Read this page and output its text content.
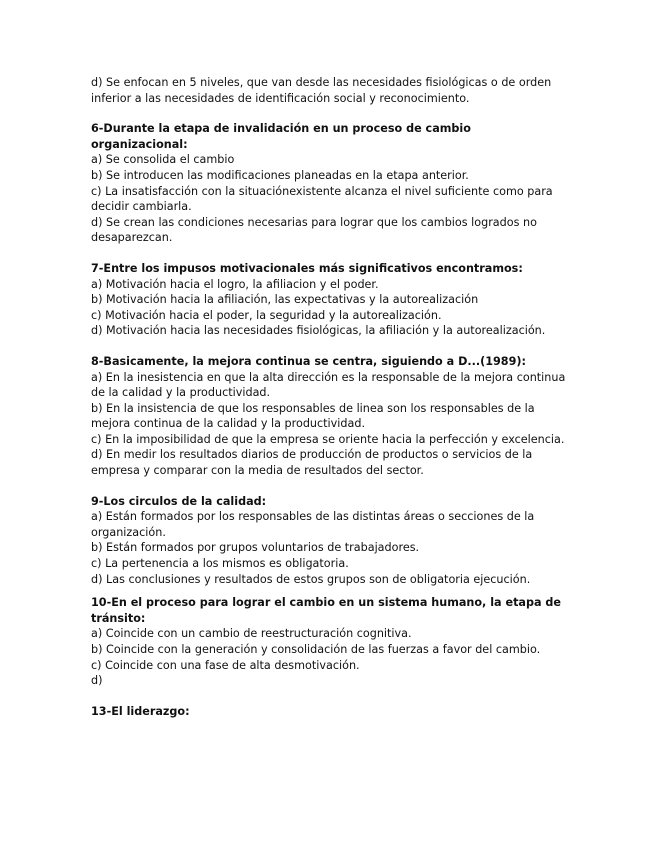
d) Se enfocan en 5 niveles, que van desde las necesidades fisiológicas o de orden inferior a las necesidades de identificación social y reconocimiento.

6-Durante la etapa de invalidación en un proceso de cambio organizacional:

a) Se consolida el cambio

b) Se introducen las modificaciones planeadas en la etapa anterior.

c) La insatisfacción con la situaciónexistente alcanza el nivel suficiente como para decidir cambiarla.

d) Se crean las condiciones necesarias para lograr que los cambios logrados no desaparezcan.

7-Entre los impusos motivacionales más significativos encontramos:

a) Motivación hacia el logro, la afiliacion y el poder.

b) Motivación hacia la afiliación, las expectativas y la autorealización

c) Motivación hacia el poder, la seguridad y la autorealización.

d) Motivación hacia las necesidades fisiológicas, la afiliación y la autorealización.

8-Basicamente, la mejora continua se centra, siguiendo a D...(1989):

a) En la inesistencia en que la alta dirección es la responsable de la mejora continua de la calidad y la productividad.

b) En la insistencia de que los responsables de linea son los responsables de la mejora continua de la calidad y la productividad.

c) En la imposibilidad de que la empresa se oriente hacia la perfección y excelencia.

d) En medir los resultados diarios de producción de productos o servicios de la empresa y comparar con la media de resultados del sector.

9-Los circulos de la calidad:

a) Están formados por los responsables de las distintas áreas o secciones de la organización.

b) Están formados por grupos voluntarios de trabajadores.

c) La pertenencia a los mismos es obligatoria.

d) Las conclusiones y resultados de estos grupos son de obligatoria ejecución.

10-En el proceso para lograr el cambio en un sistema humano, la etapa de tránsito:

a) Coincide con un cambio de reestructuración cognitiva.

b) Coincide con la generación y consolidación de las fuerzas a favor del cambio.

c) Coincide con una fase de alta desmotivación.

d)

13-El liderazgo:
